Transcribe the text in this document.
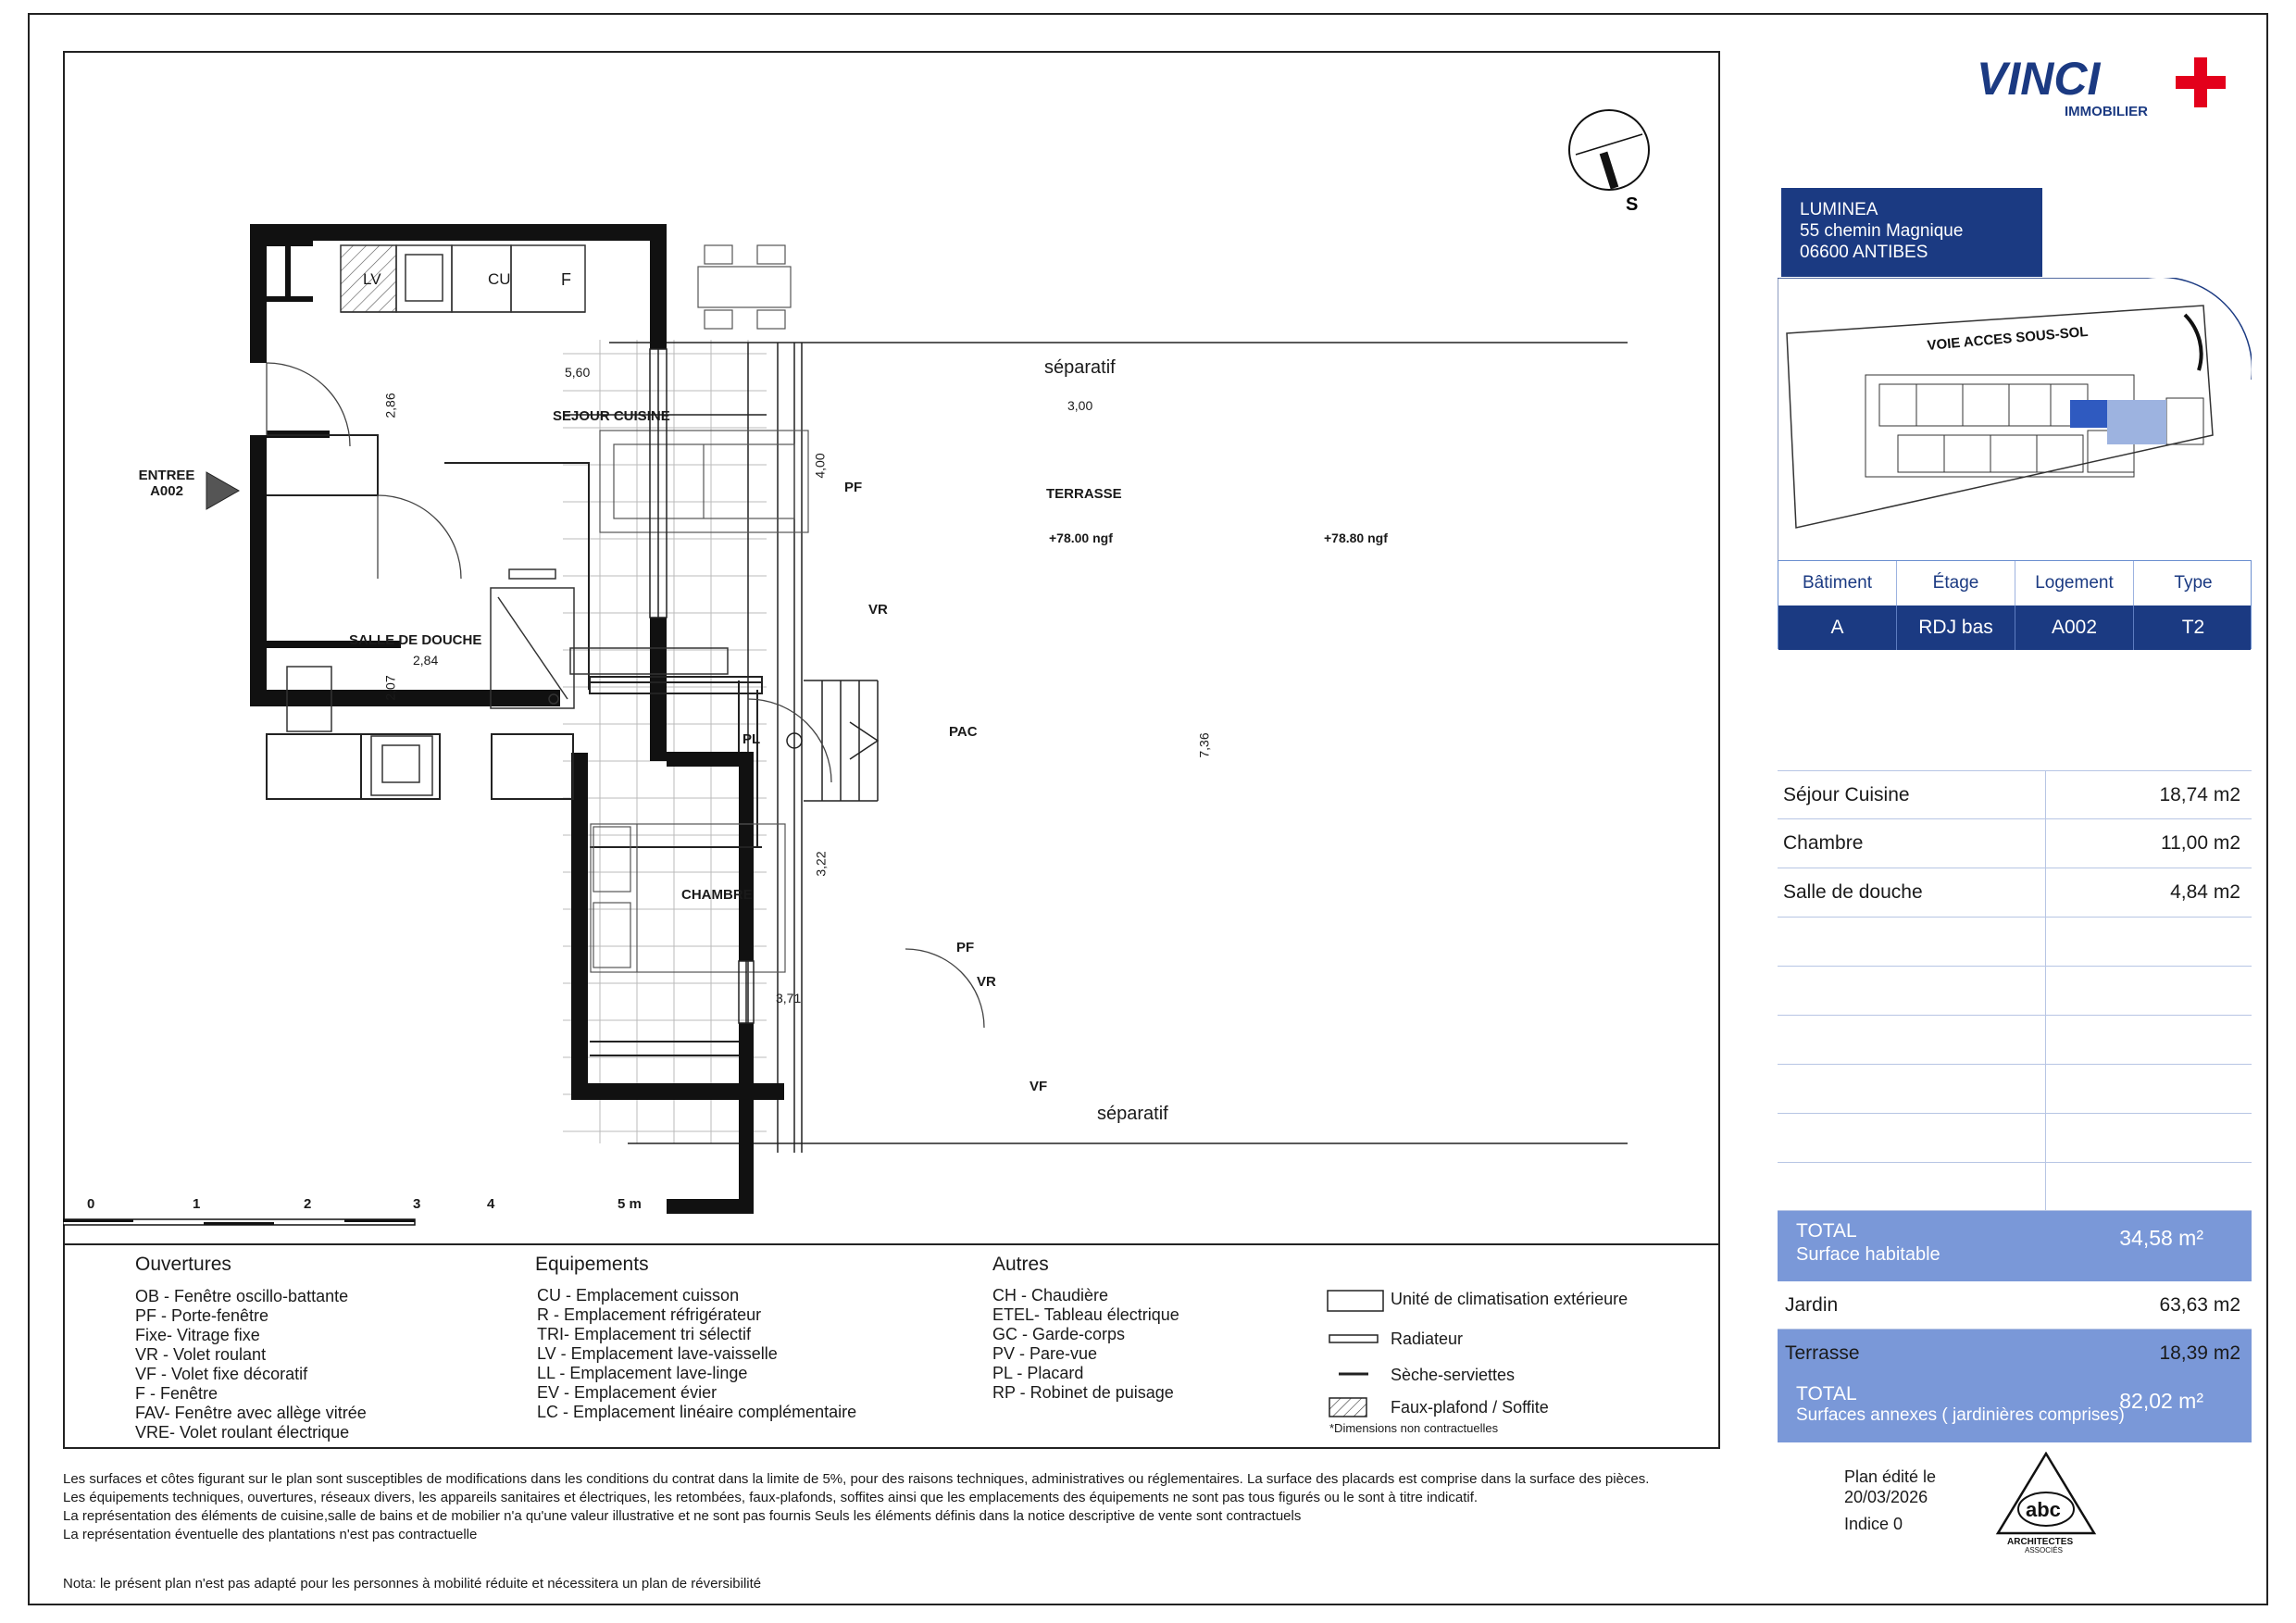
S
ENTREE
A002
SEJOUR CUISINE
SALLE DE DOUCHE
CHAMBRE
TERRASSE
séparatif
séparatif
+78.00 ngf	+78.80 ngf
PAC
LV	CU	F
PF
VR
PF
VR
PL
VF
5,60
2,86
4,00
3,00
2,84
2,07
7,36
3,22
3,71
0	1	2	3	4	5 m
VINCI
IMMOBILIER
LUMINEA
55 chemin Magnique
06600 ANTIBES
VOIE ACCES SOUS-SOL
Bâtiment	Étage	Logement	Type
A	RDJ bas	A002	T2
Séjour Cuisine	18,74 m2
Chambre	11,00 m2
Salle de douche	4,84 m2
TOTAL
Surface habitable
34,58 m²
Jardin	63,63 m2
Terrasse	18,39 m2
TOTAL
Surfaces annexes ( jardinières comprises)
82,02 m²
Ouvertures
OB - Fenêtre oscillo-battante
PF - Porte-fenêtre
Fixe- Vitrage fixe
VR - Volet roulant
VF - Volet fixe décoratif
F - Fenêtre
FAV- Fenêtre avec allège vitrée
VRE- Volet roulant électrique
Equipements
CU - Emplacement cuisson
R - Emplacement réfrigérateur
TRI- Emplacement tri sélectif
LV - Emplacement lave-vaisselle
LL - Emplacement lave-linge
EV - Emplacement évier
LC - Emplacement linéaire complémentaire
Autres
CH - Chaudière
ETEL- Tableau électrique
GC - Garde-corps
PV - Pare-vue
PL - Placard
RP - Robinet de puisage
Unité de climatisation extérieure
Radiateur
Sèche-serviettes
Faux-plafond / Soffite
*Dimensions non contractuelles
Les surfaces et côtes figurant sur le plan sont susceptibles de modifications dans les conditions du contrat dans la limite de 5%, pour des raisons techniques, administratives ou réglementaires. La surface des placards est comprise dans la surface des pièces.
Les équipements techniques, ouvertures, réseaux divers, les appareils sanitaires et électriques, les retombées, faux-plafonds, soffites ainsi que les emplacements des équipements ne sont pas tous figurés ou le sont à titre indicatif.
La représentation des éléments de cuisine,salle de bains et de mobilier n'a qu'une valeur illustrative et ne sont pas fournis Seuls les éléments définis dans la notice descriptive de vente sont contractuels
La représentation éventuelle des plantations n'est pas contractuelle
Plan édité le
20/03/2026
Indice 0
abc
ARCHITECTES
ASSOCIÉS
Nota: le présent plan n'est pas adapté pour les personnes à mobilité réduite et nécessitera un plan de réversibilité
